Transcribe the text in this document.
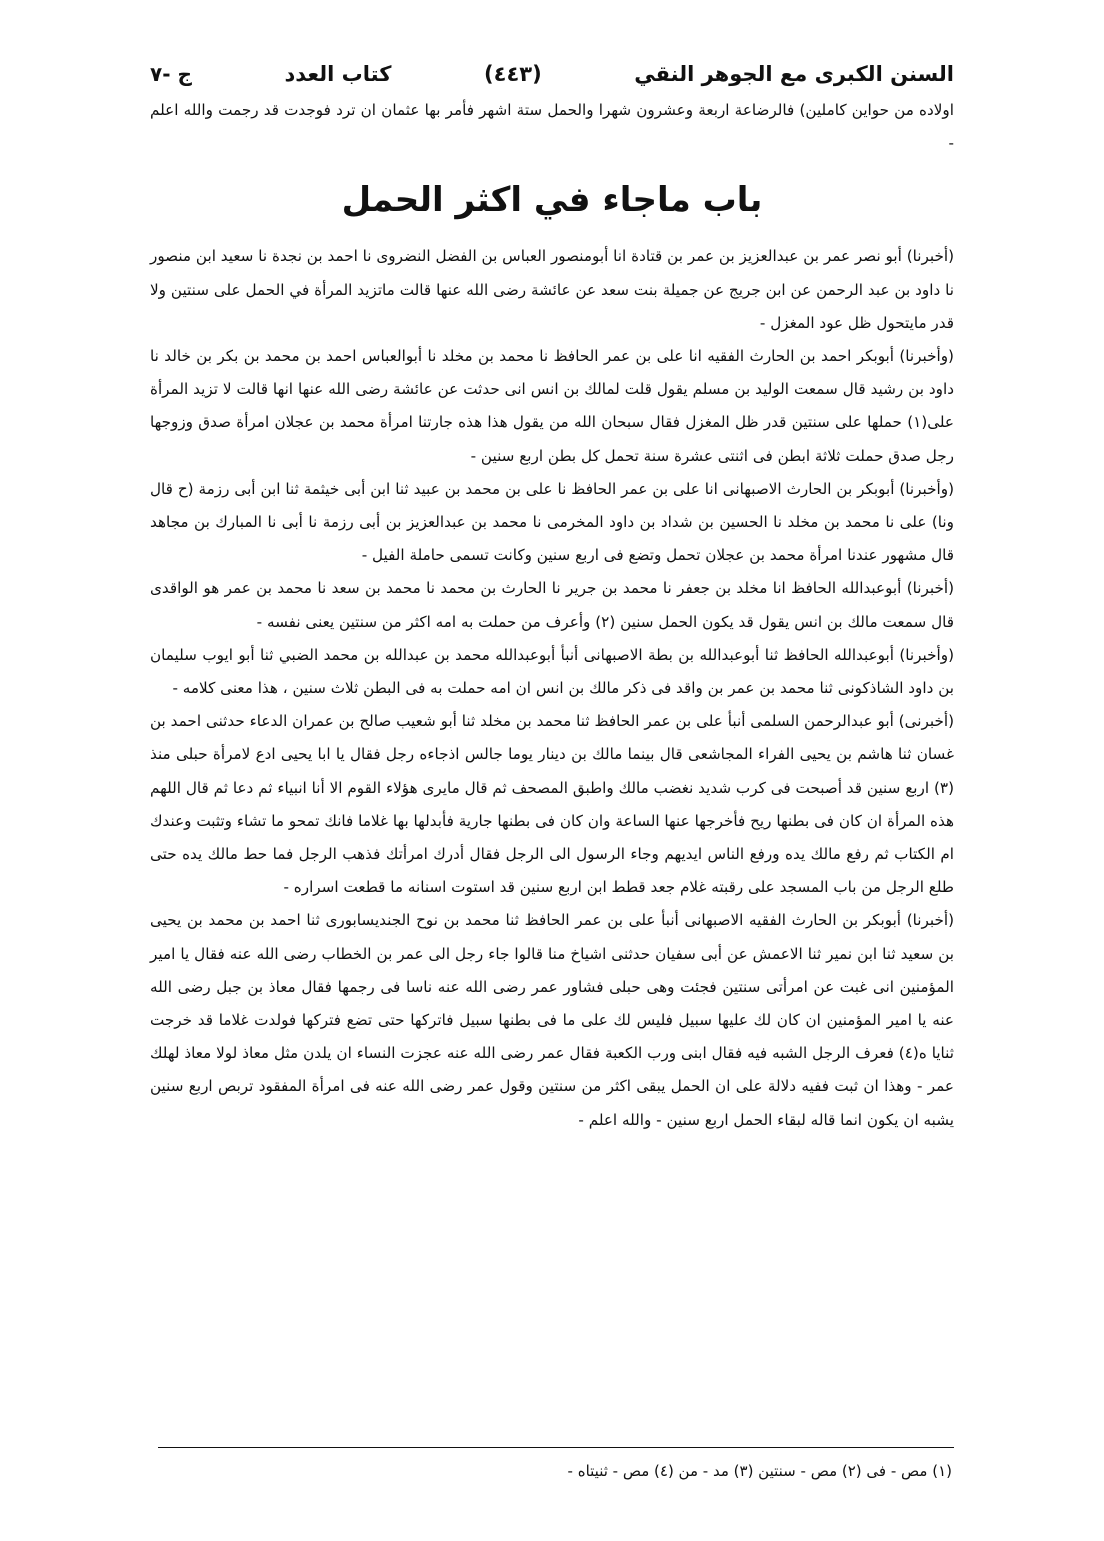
السنن الكبرى مع الجوهر النقي
(٤٤٣)
كتاب العدد
ج -٧

اولاده من حواين كاملين) فالرضاعة اربعة وعشرون شهرا والحمل ستة اشهر فأمر بها عثمان ان ترد فوجدت قد رجمت والله اعلم -

باب ماجاء في اكثر الحمل

(أخبرنا) أبو نصر عمر بن عبدالعزيز بن عمر بن قتادة انا أبومنصور العباس بن الفضل النضروى نا احمد بن نجدة نا سعيد ابن منصور نا داود بن عبد الرحمن عن ابن جريج عن جميلة بنت سعد عن عائشة رضى الله عنها قالت ماتزيد المرأة في الحمل على سنتين ولا قدر مايتحول ظل عود المغزل -

(وأخبرنا) أبوبكر احمد بن الحارث الفقيه انا على بن عمر الحافظ نا محمد بن مخلد نا أبوالعباس احمد بن محمد بن بكر بن خالد نا داود بن رشيد قال سمعت الوليد بن مسلم يقول قلت لمالك بن انس انى حدثت عن عائشة رضى الله عنها انها قالت لا تزيد المرأة على(١) حملها على سنتين قدر ظل المغزل فقال سبحان الله من يقول هذا هذه جارتنا امرأة محمد بن عجلان امرأة صدق وزوجها رجل صدق حملت ثلاثة ابطن فى اثنتى عشرة سنة تحمل كل بطن اربع سنين -

(وأخبرنا) أبوبكر بن الحارث الاصبهانى انا على بن عمر الحافظ نا على بن محمد بن عبيد ثنا ابن أبى خيثمة ثنا ابن أبى رزمة (ح قال ونا) على نا محمد بن مخلد نا الحسين بن شداد بن داود المخرمى نا محمد بن عبدالعزيز بن أبى رزمة نا أبى نا المبارك بن مجاهد قال مشهور عندنا امرأة محمد بن عجلان تحمل وتضع فى اربع سنين وكانت تسمى حاملة الفيل -

(أخبرنا) أبوعبدالله الحافظ انا مخلد بن جعفر نا محمد بن جرير نا الحارث بن محمد نا محمد بن سعد نا محمد بن عمر هو الواقدى قال سمعت مالك بن انس يقول قد يكون الحمل سنين (٢) وأعرف من حملت به امه اكثر من سنتين يعنى نفسه -

(وأخبرنا) أبوعبدالله الحافظ ثنا أبوعبدالله بن بطة الاصبهانى أنبأ أبوعبدالله محمد بن عبدالله بن محمد الضبي ثنا أبو ايوب سليمان بن داود الشاذكونى ثنا محمد بن عمر بن واقد فى ذكر مالك بن انس ان امه حملت به فى البطن ثلاث سنين ، هذا معنى كلامه -

(أخبرنى) أبو عبدالرحمن السلمى أنبأ على بن عمر الحافظ ثنا محمد بن مخلد ثنا أبو شعيب صالح بن عمران الدعاء حدثنى احمد بن غسان ثنا هاشم بن يحيى الفراء المجاشعى قال بينما مالك بن دينار يوما جالس اذجاءه رجل فقال يا ابا يحيى ادع لامرأة حبلى منذ (٣) اربع سنين قد أصبحت فى كرب شديد نغضب مالك واطبق المصحف ثم قال مايرى هؤلاء القوم الا أنا انبياء ثم دعا ثم قال اللهم هذه المرأة ان كان فى بطنها ريح فأخرجها عنها الساعة وان كان فى بطنها جارية فأبدلها بها غلاما فانك تمحو ما تشاء وتثبت وعندك ام الكتاب ثم رفع مالك يده ورفع الناس ايديهم وجاء الرسول الى الرجل فقال أدرك امرأتك فذهب الرجل فما حط مالك يده حتى طلع الرجل من باب المسجد على رقبته غلام جعد قطط ابن اربع سنين قد استوت اسنانه ما قطعت اسراره -

(أخبرنا) أبوبكر بن الحارث الفقيه الاصبهانى أنبأ على بن عمر الحافظ ثنا محمد بن نوح الجنديسابورى ثنا احمد بن محمد بن يحيى بن سعيد ثنا ابن نمير ثنا الاعمش عن أبى سفيان حدثنى اشياخ منا قالوا جاء رجل الى عمر بن الخطاب رضى الله عنه فقال يا امير المؤمنين انى غبت عن امرأتى سنتين فجئت وهى حبلى فشاور عمر رضى الله عنه ناسا فى رجمها فقال معاذ بن جبل رضى الله عنه يا امير المؤمنين ان كان لك عليها سبيل فليس لك على ما فى بطنها سبيل فاتركها حتى تضع فتركها فولدت غلاما قد خرجت ثنايا ه(٤) فعرف الرجل الشبه فيه فقال ابنى ورب الكعبة فقال عمر رضى الله عنه عجزت النساء ان يلدن مثل معاذ لولا معاذ لهلك عمر - وهذا ان ثبت ففيه دلالة على ان الحمل يبقى اكثر من سنتين وقول عمر رضى الله عنه فى امرأة المفقود تربص اربع سنين يشبه ان يكون انما قاله لبقاء الحمل اربع سنين - والله اعلم -

(١) مص - فى (٢) مص - سنتين (٣) مد - من (٤) مص - ثنيتاه -
